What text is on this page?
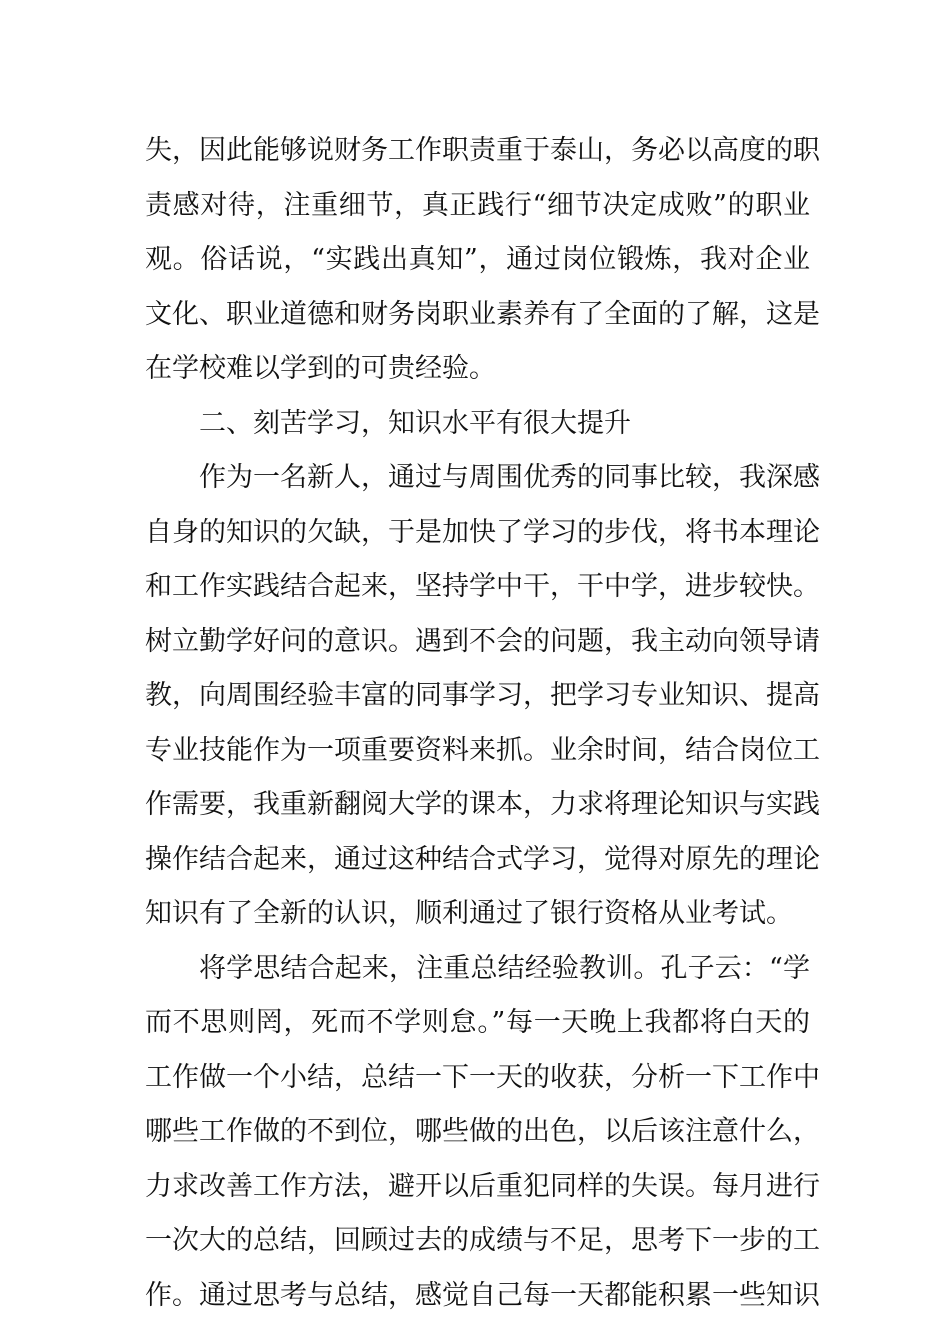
失，因此能够说财务工作职责重于泰山，务必以高度的职
责感对待，注重细节，真正践行“细节决定成败”的职业
观。俗话说，“实践出真知”，通过岗位锻炼，我对企业
文化、职业道德和财务岗职业素养有了全面的了解，这是
在学校难以学到的可贵经验。
二、刻苦学习，知识水平有很大提升
作为一名新人，通过与周围优秀的同事比较，我深感
自身的知识的欠缺，于是加快了学习的步伐，将书本理论
和工作实践结合起来，坚持学中干，干中学，进步较快。
树立勤学好问的意识。遇到不会的问题，我主动向领导请
教，向周围经验丰富的同事学习，把学习专业知识、提高
专业技能作为一项重要资料来抓。业余时间，结合岗位工
作需要，我重新翻阅大学的课本，力求将理论知识与实践
操作结合起来，通过这种结合式学习，觉得对原先的理论
知识有了全新的认识，顺利通过了银行资格从业考试。
将学思结合起来，注重总结经验教训。孔子云：“学
而不思则罔，死而不学则怠。”每一天晚上我都将白天的
工作做一个小结，总结一下一天的收获，分析一下工作中
哪些工作做的不到位，哪些做的出色，以后该注意什么，
力求改善工作方法，避开以后重犯同样的失误。每月进行
一次大的总结，回顾过去的成绩与不足，思考下一步的工
作。通过思考与总结，感觉自己每一天都能积累一些知识
